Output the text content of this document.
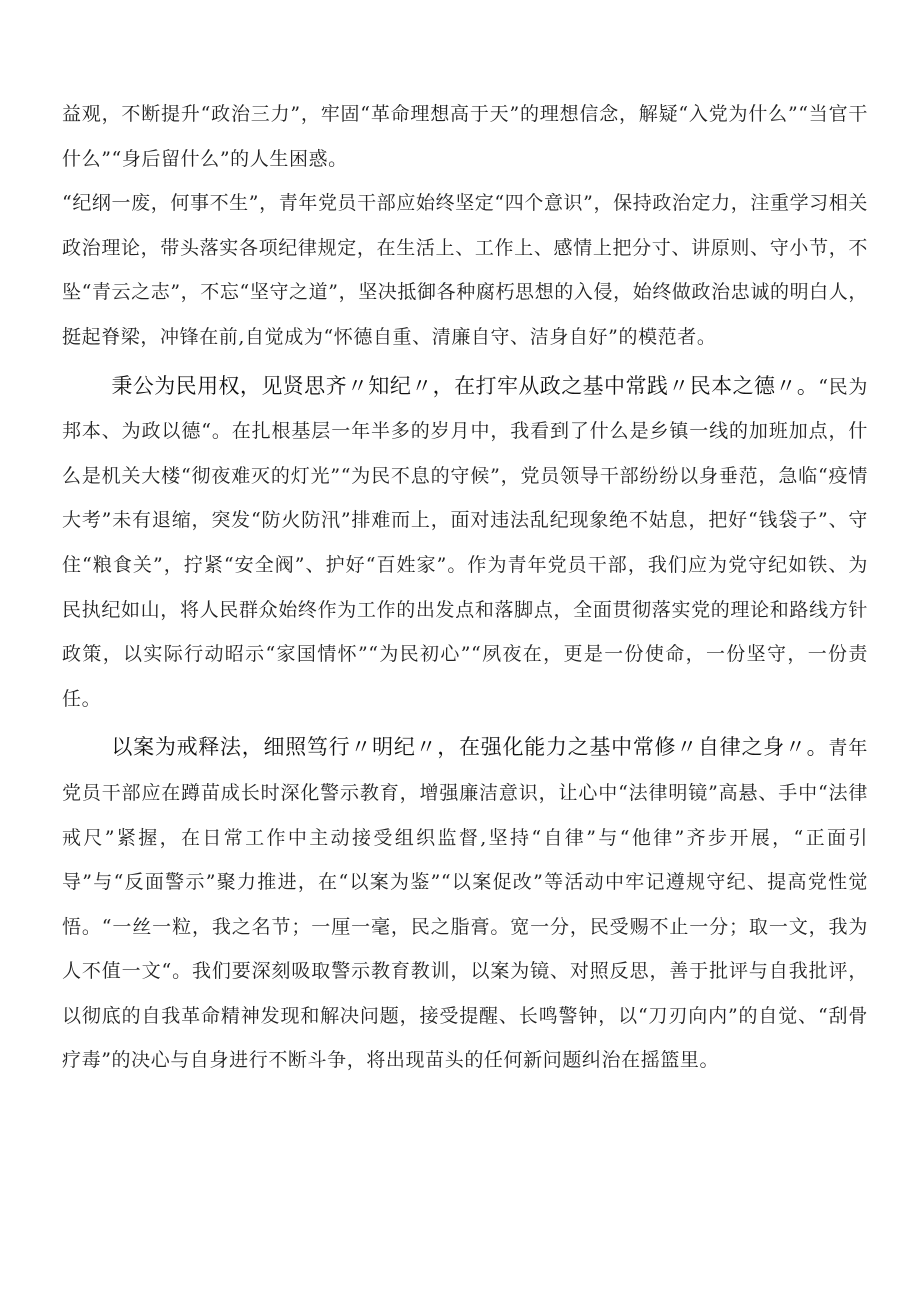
益观，不断提升“政治三力”，牢固“革命理想高于天”的理想信念，解疑“入党为什么”“当官干什么”“身后留什么”的人生困惑。

“纪纲一废，何事不生”，青年党员干部应始终坚定“四个意识”，保持政治定力，注重学习相关政治理论，带头落实各项纪律规定，在生活上、工作上、感情上把分寸、讲原则、守小节，不坠“青云之志”，不忘“坚守之道”，坚决抵御各种腐朽思想的入侵，始终做政治忠诚的明白人，挺起脊梁，冲锋在前,自觉成为“怀德自重、清廉自守、洁身自好”的模范者。

秉公为民用权，见贤思齐〃知纪〃，在打牢从政之基中常践〃民本之德〃。“民为邦本、为政以德“。在扎根基层一年半多的岁月中，我看到了什么是乡镇一线的加班加点，什么是机关大楼“彻夜难灭的灯光”“为民不息的守候”，党员领导干部纷纷以身垂范，急临“疫情大考”未有退缩，突发“防火防汛”排难而上，面对违法乱纪现象绝不姑息，把好“钱袋子”、守住“粮食关”，拧紧“安全阀”、护好“百姓家”。作为青年党员干部，我们应为党守纪如铁、为民执纪如山，将人民群众始终作为工作的出发点和落脚点，全面贯彻落实党的理论和路线方针政策，以实际行动昭示“家国情怀”“为民初心”“夙夜在，更是一份使命，一份坚守，一份责任。

以案为戒释法，细照笃行〃明纪〃，在强化能力之基中常修〃自律之身〃。青年党员干部应在蹲苗成长时深化警示教育，增强廉洁意识，让心中“法律明镜”高悬、手中“法律戒尺”紧握，在日常工作中主动接受组织监督,坚持“自律”与“他律”齐步开展，“正面引导”与“反面警示”聚力推进，在“以案为鉴”“以案促改”等活动中牢记遵规守纪、提高党性觉悟。“一丝一粒，我之名节；一厘一毫，民之脂膏。宽一分，民受赐不止一分；取一文，我为人不值一文“。我们要深刻吸取警示教育教训，以案为镜、对照反思，善于批评与自我批评，以彻底的自我革命精神发现和解决问题，接受提醒、长鸣警钟，以“刀刃向内”的自觉、“刮骨疗毒”的决心与自身进行不断斗争，将出现苗头的任何新问题纠治在摇篮里。
